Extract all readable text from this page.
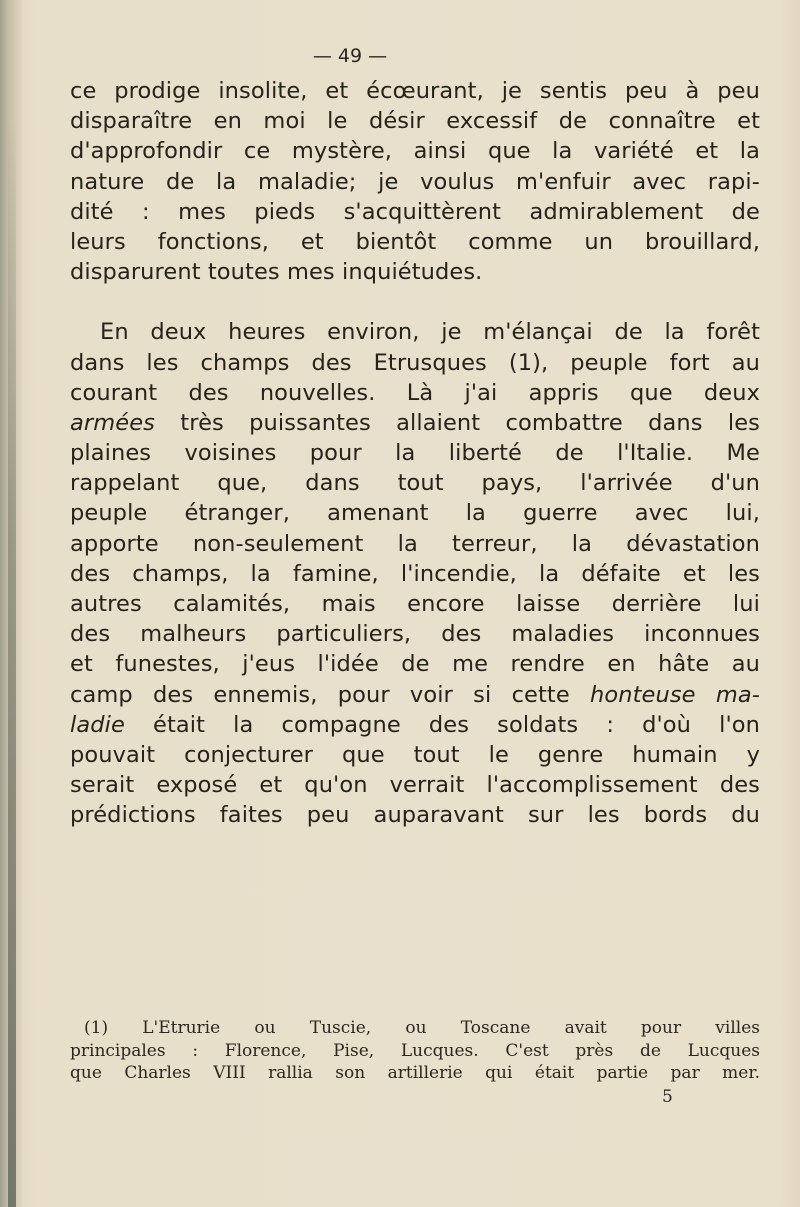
— 49 —
ce prodige insolite, et écœurant, je sentis peu à peu
disparaître en moi le désir excessif de connaître et
d'approfondir ce mystère, ainsi que la variété et la
nature de la maladie; je voulus m'enfuir avec rapi-
dité : mes pieds s'acquittèrent admirablement de
leurs fonctions, et bientôt comme un brouillard,
disparurent toutes mes inquiétudes.
En deux heures environ, je m'élançai de la forêt
dans les champs des Etrusques (1), peuple fort au
courant des nouvelles. Là j'ai appris que deux
armées très puissantes allaient combattre dans les
plaines voisines pour la liberté de l'Italie. Me
rappelant que, dans tout pays, l'arrivée d'un
peuple étranger, amenant la guerre avec lui,
apporte non-seulement la terreur, la dévastation
des champs, la famine, l'incendie, la défaite et les
autres calamités, mais encore laisse derrière lui
des malheurs particuliers, des maladies inconnues
et funestes, j'eus l'idée de me rendre en hâte au
camp des ennemis, pour voir si cette honteuse ma-
ladie était la compagne des soldats : d'où l'on
pouvait conjecturer que tout le genre humain y
serait exposé et qu'on verrait l'accomplissement des
prédictions faites peu auparavant sur les bords du
(1) L'Etrurie ou Tuscie, ou Toscane avait pour villes
principales : Florence, Pise, Lucques. C'est près de Lucques
que Charles VIII rallia son artillerie qui était partie par mer.
5
